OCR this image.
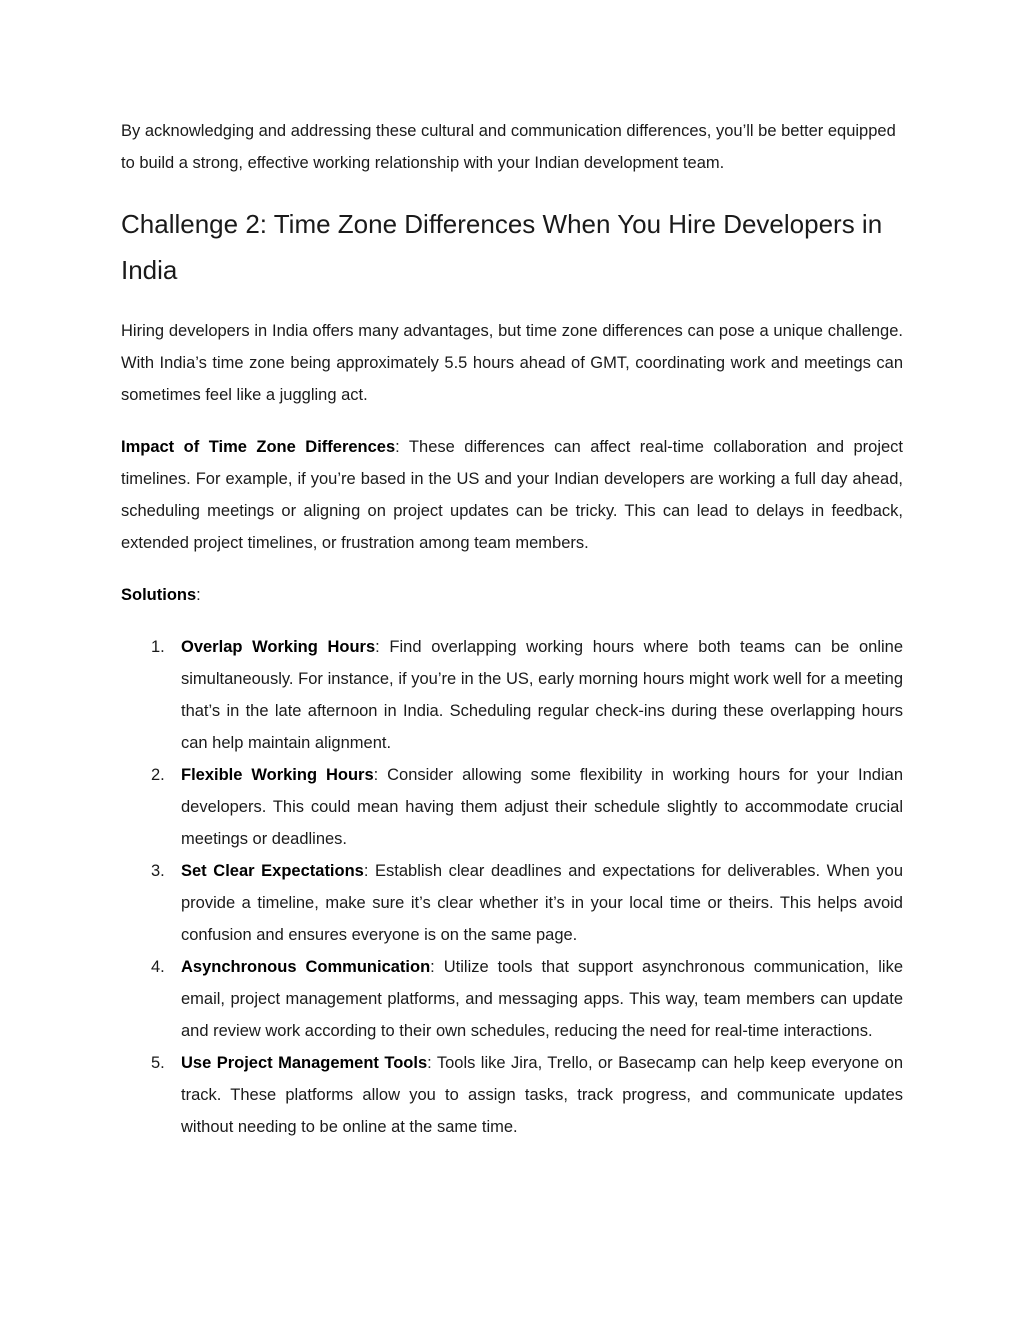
By acknowledging and addressing these cultural and communication differences, you’ll be better equipped to build a strong, effective working relationship with your Indian development team.

Challenge 2: Time Zone Differences When You Hire Developers in India

Hiring developers in India offers many advantages, but time zone differences can pose a unique challenge. With India’s time zone being approximately 5.5 hours ahead of GMT, coordinating work and meetings can sometimes feel like a juggling act.

Impact of Time Zone Differences: These differences can affect real-time collaboration and project timelines. For example, if you’re based in the US and your Indian developers are working a full day ahead, scheduling meetings or aligning on project updates can be tricky. This can lead to delays in feedback, extended project timelines, or frustration among team members.

Solutions:

1. Overlap Working Hours: Find overlapping working hours where both teams can be online simultaneously. For instance, if you’re in the US, early morning hours might work well for a meeting that’s in the late afternoon in India. Scheduling regular check-ins during these overlapping hours can help maintain alignment.
2. Flexible Working Hours: Consider allowing some flexibility in working hours for your Indian developers. This could mean having them adjust their schedule slightly to accommodate crucial meetings or deadlines.
3. Set Clear Expectations: Establish clear deadlines and expectations for deliverables. When you provide a timeline, make sure it’s clear whether it’s in your local time or theirs. This helps avoid confusion and ensures everyone is on the same page.
4. Asynchronous Communication: Utilize tools that support asynchronous communication, like email, project management platforms, and messaging apps. This way, team members can update and review work according to their own schedules, reducing the need for real-time interactions.
5. Use Project Management Tools: Tools like Jira, Trello, or Basecamp can help keep everyone on track. These platforms allow you to assign tasks, track progress, and communicate updates without needing to be online at the same time.
